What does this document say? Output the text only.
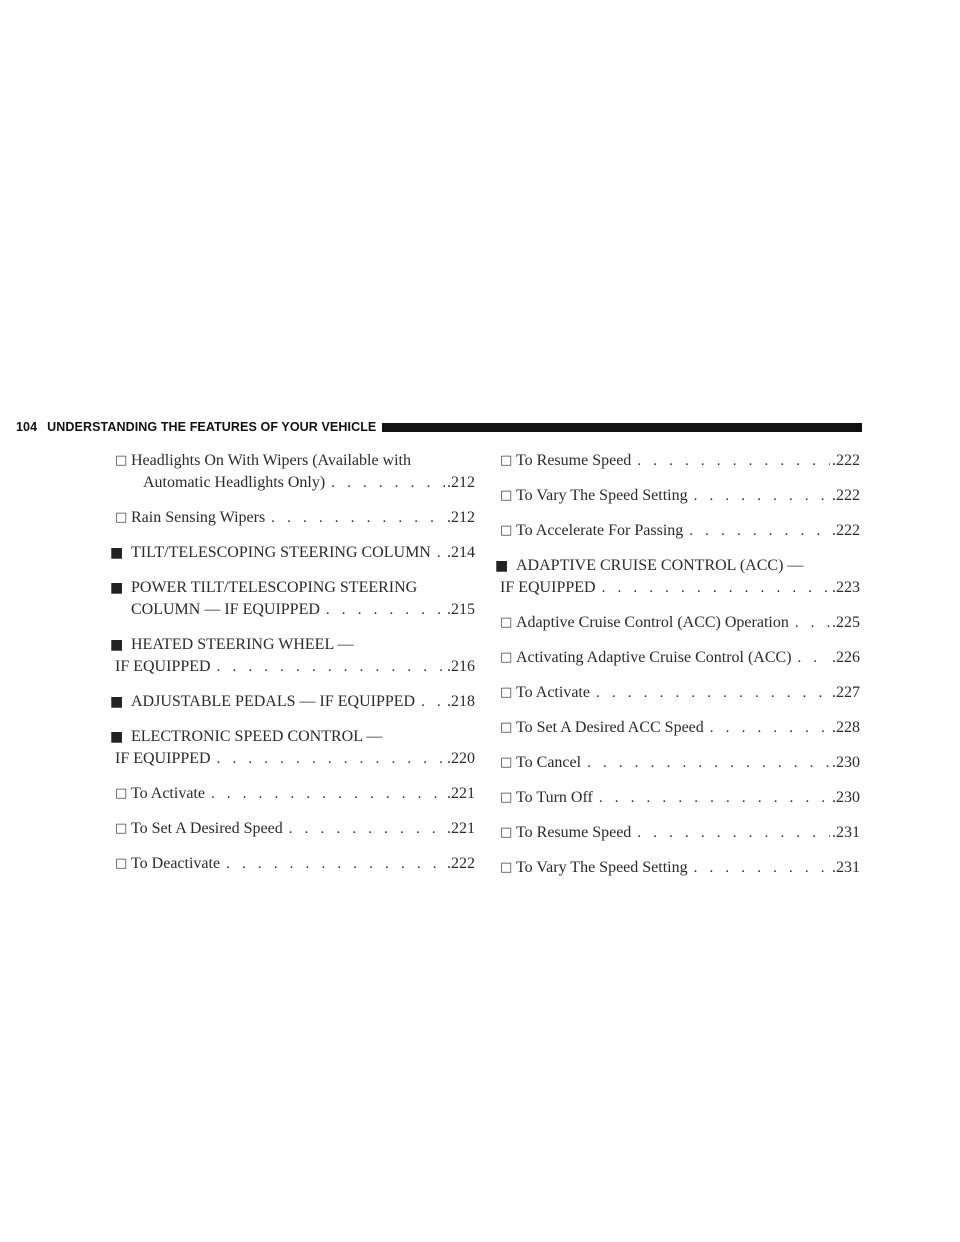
104 UNDERSTANDING THE FEATURES OF YOUR VEHICLE
□ Headlights On With Wipers (Available with
Automatic Headlights Only) . . .	.212
□ Rain Sensing Wipers . . .	.212
■ TILT/TELESCOPING STEERING COLUMN . . . .214
■ POWER TILT/TELESCOPING STEERING
COLUMN — IF EQUIPPED . . .	.215
■ HEATED STEERING WHEEL —
IF EQUIPPED . . .	.216
■ ADJUSTABLE PEDALS — IF EQUIPPED . . . .218
■ ELECTRONIC SPEED CONTROL —
IF EQUIPPED . . .	.220
□ To Activate . . .	.221
□ To Set A Desired Speed . . .	.221
□ To Deactivate . . .	.222
□ To Resume Speed . . .	.222
□ To Vary The Speed Setting . . .	.222
□ To Accelerate For Passing . . .	.222
■ ADAPTIVE CRUISE CONTROL (ACC) —
IF EQUIPPED . . .	.223
□ Adaptive Cruise Control (ACC) Operation . . .	.225
□ Activating Adaptive Cruise Control (ACC) . . .	.226
□ To Activate . . .	.227
□ To Set A Desired ACC Speed . . .	.228
□ To Cancel . . .	.230
□ To Turn Off . . .	.230
□ To Resume Speed . . .	.231
□ To Vary The Speed Setting . . .	.231
